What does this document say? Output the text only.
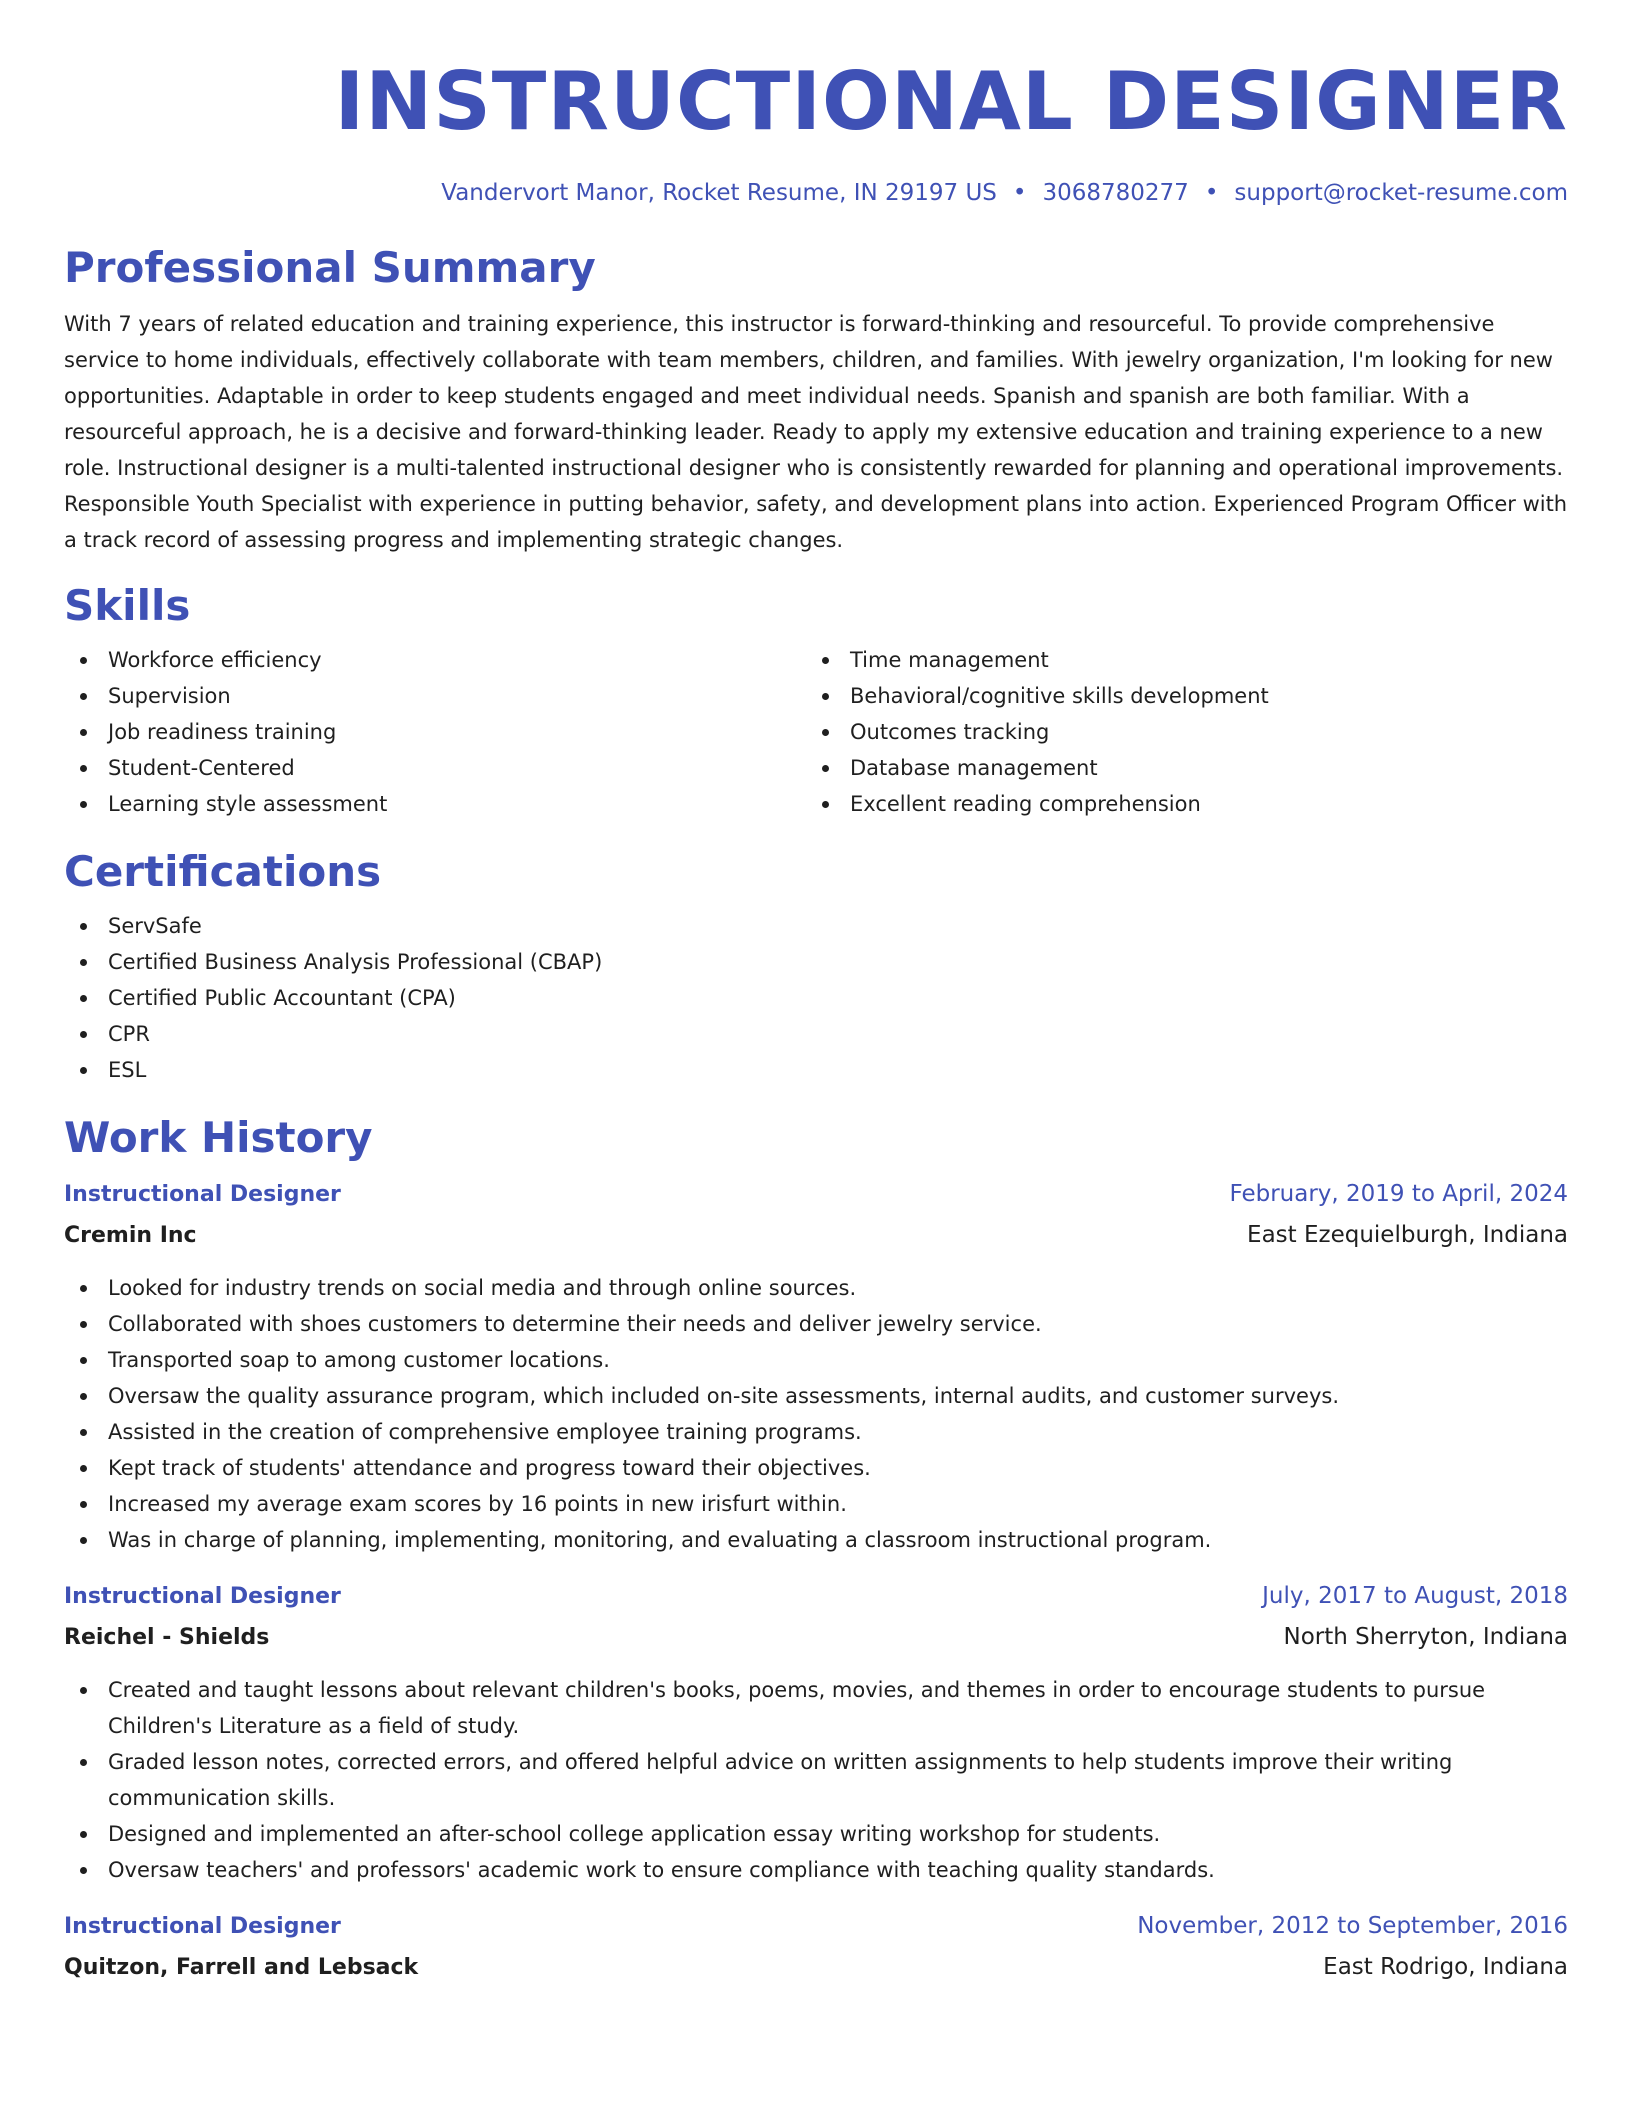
INSTRUCTIONAL DESIGNER
Vandervort Manor, Rocket Resume, IN 29197 US • 3068780277 • support@rocket-resume.com
Professional Summary

With 7 years of related education and training experience, this instructor is forward-thinking and resourceful. To provide comprehensive service to home individuals, effectively collaborate with team members, children, and families. With jewelry organization, I'm looking for new opportunities. Adaptable in order to keep students engaged and meet individual needs. Spanish and spanish are both familiar. With a resourceful approach, he is a decisive and forward-thinking leader. Ready to apply my extensive education and training experience to a new role. Instructional designer is a multi-talented instructional designer who is consistently rewarded for planning and operational improvements. Responsible Youth Specialist with experience in putting behavior, safety, and development plans into action. Experienced Program Officer with a track record of assessing progress and implementing strategic changes.

Skills
Workforce efficiency
Supervision
Job readiness training
Student-Centered
Learning style assessment
Time management
Behavioral/cognitive skills development
Outcomes tracking
Database management
Excellent reading comprehension
Certifications
ServSafe
Certified Business Analysis Professional (CBAP)
Certified Public Accountant (CPA)
CPR
ESL
Work History
Instructional Designer	February, 2019 to April, 2024
Cremin Inc	East Ezequielburgh, Indiana
Looked for industry trends on social media and through online sources.
Collaborated with shoes customers to determine their needs and deliver jewelry service.
Transported soap to among customer locations.
Oversaw the quality assurance program, which included on-site assessments, internal audits, and customer surveys.
Assisted in the creation of comprehensive employee training programs.
Kept track of students' attendance and progress toward their objectives.
Increased my average exam scores by 16 points in new irisfurt within.
Was in charge of planning, implementing, monitoring, and evaluating a classroom instructional program.
Instructional Designer	July, 2017 to August, 2018
Reichel - Shields	North Sherryton, Indiana
Created and taught lessons about relevant children's books, poems, movies, and themes in order to encourage students to pursue Children's Literature as a field of study.
Graded lesson notes, corrected errors, and offered helpful advice on written assignments to help students improve their writing communication skills.
Designed and implemented an after-school college application essay writing workshop for students.
Oversaw teachers' and professors' academic work to ensure compliance with teaching quality standards.
Instructional Designer	November, 2012 to September, 2016
Quitzon, Farrell and Lebsack	East Rodrigo, Indiana
